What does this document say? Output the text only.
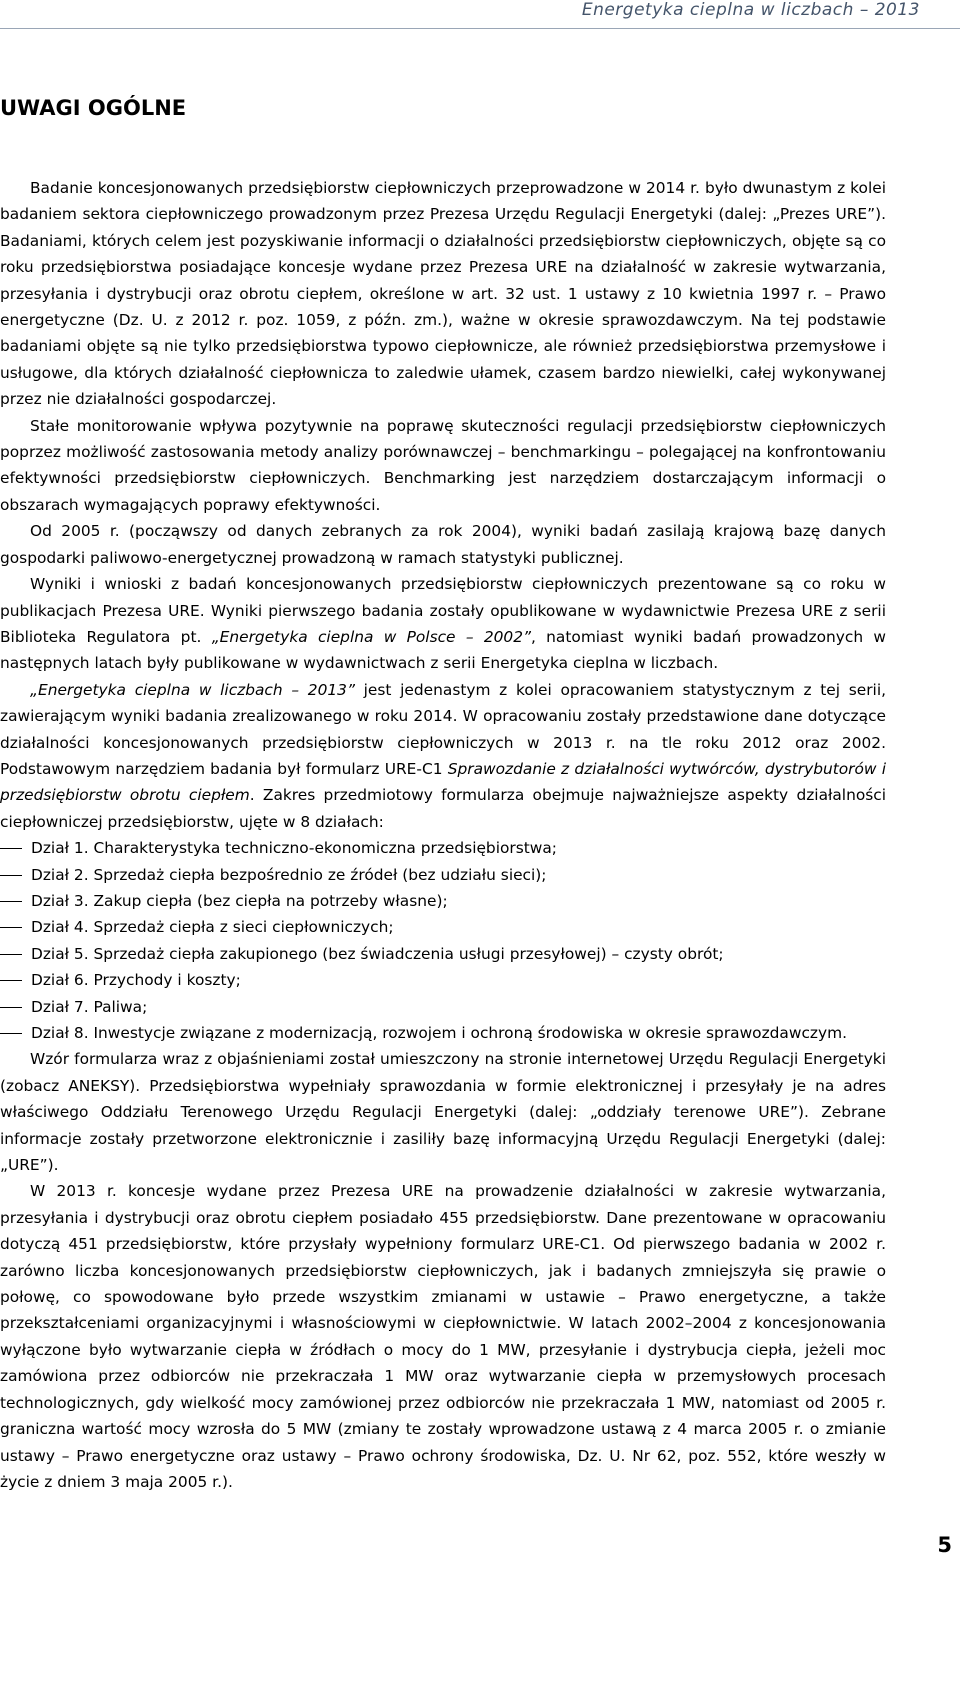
Energetyka cieplna w liczbach – 2013
UWAGI OGÓLNE

Badanie koncesjonowanych przedsiębiorstw ciepłowniczych przeprowadzone w 2014 r. było dwunastym z kolei badaniem sektora ciepłowniczego prowadzonym przez Prezesa Urzędu Regulacji Energetyki (dalej: „Prezes URE”). Badaniami, których celem jest pozyskiwanie informacji o działalności przedsiębiorstw ciepłowniczych, objęte są co roku przedsiębiorstwa posiadające koncesje wydane przez Prezesa URE na działalność w zakresie wytwarzania, przesyłania i dystrybucji oraz obrotu ciepłem, określone w art. 32 ust. 1 ustawy z 10 kwietnia 1997 r. – Prawo energetyczne (Dz. U. z 2012 r. poz. 1059, z późn. zm.), ważne w okresie sprawozdawczym. Na tej podstawie badaniami objęte są nie tylko przedsiębiorstwa typowo ciepłownicze, ale również przedsiębiorstwa przemysłowe i usługowe, dla których działalność ciepłownicza to zaledwie ułamek, czasem bardzo niewielki, całej wykonywanej przez nie działalności gospodarczej.

Stałe monitorowanie wpływa pozytywnie na poprawę skuteczności regulacji przedsiębiorstw ciepłowniczych poprzez możliwość zastosowania metody analizy porównawczej – benchmarkingu – polegającej na konfrontowaniu efektywności przedsiębiorstw ciepłowniczych. Benchmarking jest narzędziem dostarczającym informacji o obszarach wymagających poprawy efektywności.

Od 2005 r. (począwszy od danych zebranych za rok 2004), wyniki badań zasilają krajową bazę danych gospodarki paliwowo-energetycznej prowadzoną w ramach statystyki publicznej.

Wyniki i wnioski z badań koncesjonowanych przedsiębiorstw ciepłowniczych prezentowane są co roku w publikacjach Prezesa URE. Wyniki pierwszego badania zostały opublikowane w wydawnictwie Prezesa URE z serii Biblioteka Regulatora pt. „Energetyka cieplna w Polsce – 2002”, natomiast wyniki badań prowadzonych w następnych latach były publikowane w wydawnictwach z serii Energetyka cieplna w liczbach.

„Energetyka cieplna w liczbach – 2013” jest jedenastym z kolei opracowaniem statystycznym z tej serii, zawierającym wyniki badania zrealizowanego w roku 2014. W opracowaniu zostały przedstawione dane dotyczące działalności koncesjonowanych przedsiębiorstw ciepłowniczych w 2013 r. na tle roku 2012 oraz 2002. Podstawowym narzędziem badania był formularz URE-C1 Sprawozdanie z działalności wytwórców, dystrybutorów i przedsiębiorstw obrotu ciepłem. Zakres przedmiotowy formularza obejmuje najważniejsze aspekty działalności ciepłowniczej przedsiębiorstw, ujęte w 8 działach:

Dział 1. Charakterystyka techniczno-ekonomiczna przedsiębiorstwa;
Dział 2. Sprzedaż ciepła bezpośrednio ze źródeł (bez udziału sieci);
Dział 3. Zakup ciepła (bez ciepła na potrzeby własne);
Dział 4. Sprzedaż ciepła z sieci ciepłowniczych;
Dział 5. Sprzedaż ciepła zakupionego (bez świadczenia usługi przesyłowej) – czysty obrót;
Dział 6. Przychody i koszty;
Dział 7. Paliwa;
Dział 8. Inwestycje związane z modernizacją, rozwojem i ochroną środowiska w okresie sprawozdawczym.

Wzór formularza wraz z objaśnieniami został umieszczony na stronie internetowej Urzędu Regulacji Energetyki (zobacz ANEKSY). Przedsiębiorstwa wypełniały sprawozdania w formie elektronicznej i przesyłały je na adres właściwego Oddziału Terenowego Urzędu Regulacji Energetyki (dalej: „oddziały terenowe URE”). Zebrane informacje zostały przetworzone elektronicznie i zasiliły bazę informacyjną Urzędu Regulacji Energetyki (dalej: „URE”).

W 2013 r. koncesje wydane przez Prezesa URE na prowadzenie działalności w zakresie wytwarzania, przesyłania i dystrybucji oraz obrotu ciepłem posiadało 455 przedsiębiorstw. Dane prezentowane w opracowaniu dotyczą 451 przedsiębiorstw, które przysłały wypełniony formularz URE-C1. Od pierwszego badania w 2002 r. zarówno liczba koncesjonowanych przedsiębiorstw ciepłowniczych, jak i badanych zmniejszyła się prawie o połowę, co spowodowane było przede wszystkim zmianami w ustawie – Prawo energetyczne, a także przekształceniami organizacyjnymi i własnościowymi w ciepłownictwie. W latach 2002–2004 z koncesjonowania wyłączone było wytwarzanie ciepła w źródłach o mocy do 1 MW, przesyłanie i dystrybucja ciepła, jeżeli moc zamówiona przez odbiorców nie przekraczała 1 MW oraz wytwarzanie ciepła w przemysłowych procesach technologicznych, gdy wielkość mocy zamówionej przez odbiorców nie przekraczała 1 MW, natomiast od 2005 r. graniczna wartość mocy wzrosła do 5 MW (zmiany te zostały wprowadzone ustawą z 4 marca 2005 r. o zmianie ustawy – Prawo energetyczne oraz ustawy – Prawo ochrony środowiska, Dz. U. Nr 62, poz. 552, które weszły w życie z dniem 3 maja 2005 r.).

5
